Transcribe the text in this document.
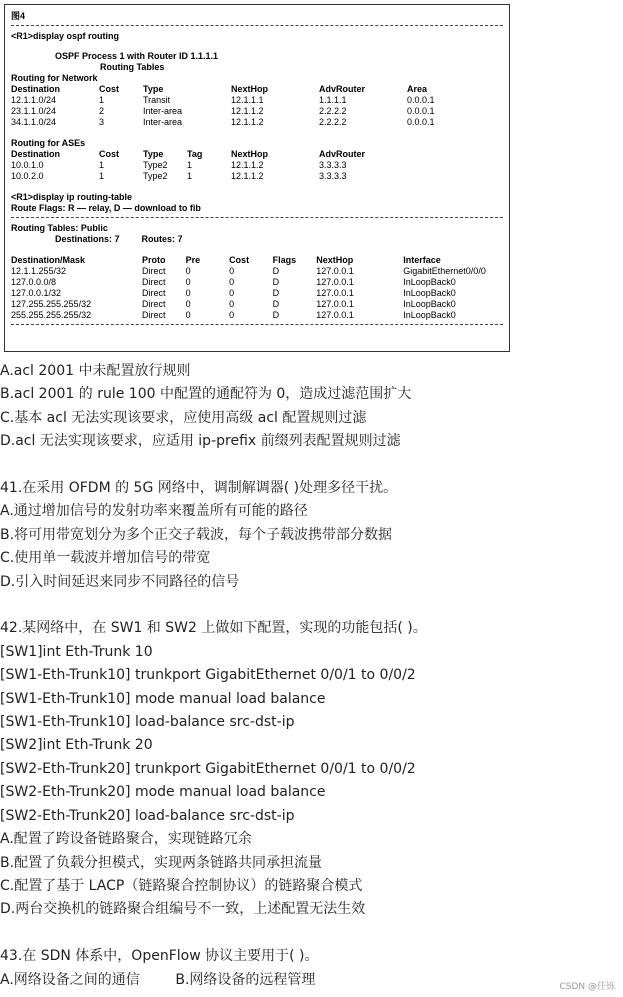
图4
<R1>display ospf routing
OSPF Process 1 with Router ID 1.1.1.1
Routing Tables
Routing for Network
Destination	Cost	Type	NextHop	AdvRouter	Area
12.1.1.0/24	1	Transit	12.1.1.1	1.1.1.1	0.0.0.1
23.1.1.0/24	2	Inter-area	12.1.1.2	2.2.2.2	0.0.0.1
34.1.1.0/24	3	Inter-area	12.1.1.2	2.2.2.2	0.0.0.1
Routing for ASEs
Destination	Cost	Type	Tag	NextHop	AdvRouter
10.0.1.0	1	Type2	1	12.1.1.2	3.3.3.3
10.0.2.0	1	Type2	1	12.1.1.2	3.3.3.3
<R1>display ip routing-table
Route Flags: R — relay, D — download to fib
Routing Tables: Public
Destinations: 7 Routes: 7
Destination/Mask	Proto	Pre	Cost	Flags	NextHop	Interface
12.1.1.255/32	Direct	0	0	D	127.0.0.1	GigabitEthernet0/0/0
127.0.0.0/8	Direct	0	0	D	127.0.0.1	InLoopBack0
127.0.0.1/32	Direct	0	0	D	127.0.0.1	InLoopBack0
127.255.255.255/32	Direct	0	0	D	127.0.0.1	InLoopBack0
255.255.255.255/32	Direct	0	0	D	127.0.0.1	InLoopBack0
A.acl 2001 中未配置放行规则
B.acl 2001 的 rule 100 中配置的通配符为 0，造成过滤范围扩大
C.基本 acl 无法实现该要求，应使用高级 acl 配置规则过滤
D.acl 无法实现该要求，应适用 ip-prefix 前缀列表配置规则过滤
41.在采用 OFDM 的 5G 网络中，调制解调器( )处理多径干扰。
A.通过增加信号的发射功率来覆盖所有可能的路径
B.将可用带宽划分为多个正交子载波，每个子载波携带部分数据
C.使用单一载波并增加信号的带宽
D.引入时间延迟来同步不同路径的信号
42.某网络中，在 SW1 和 SW2 上做如下配置，实现的功能包括( )。
[SW1]int Eth-Trunk 10
[SW1-Eth-Trunk10] trunkport GigabitEthernet 0/0/1 to 0/0/2
[SW1-Eth-Trunk10] mode manual load balance
[SW1-Eth-Trunk10] load-balance src-dst-ip
[SW2]int Eth-Trunk 20
[SW2-Eth-Trunk20] trunkport GigabitEthernet 0/0/1 to 0/0/2
[SW2-Eth-Trunk20] mode manual load balance
[SW2-Eth-Trunk20] load-balance src-dst-ip
A.配置了跨设备链路聚合，实现链路冗余
B.配置了负载分担模式，实现两条链路共同承担流量
C.配置了基于 LACP（链路聚合控制协议）的链路聚合模式
D.两台交换机的链路聚合组编号不一致，上述配置无法生效
43.在 SDN 体系中，OpenFlow 协议主要用于( )。
A.网络设备之间的通信        B.网络设备的远程管理	CSDN @任铄
